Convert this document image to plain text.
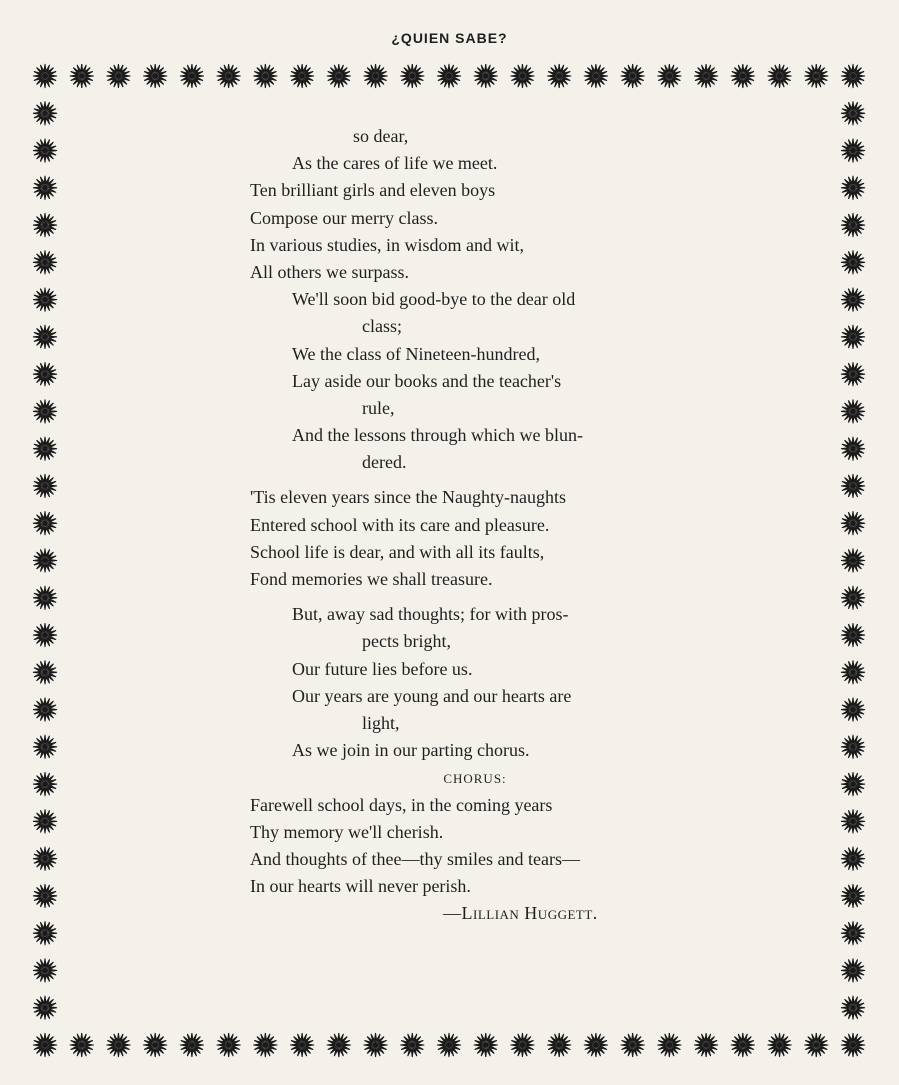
¿QUIEN SABE?
so dear,
As the cares of life we meet.
Ten brilliant girls and eleven boys
Compose our merry class.
In various studies, in wisdom and wit,
All others we surpass.
We'll soon bid good-bye to the dear old
class;
We the class of Nineteen-hundred,
Lay aside our books and the teacher's
rule,
And the lessons through which we blun-
dered.
'Tis eleven years since the Naughty-naughts
Entered school with its care and pleasure.
School life is dear, and with all its faults,
Fond memories we shall treasure.
But, away sad thoughts; for with pros-
pects bright,
Our future lies before us.
Our years are young and our hearts are
light,
As we join in our parting chorus.
CHORUS:
Farewell school days, in the coming years
Thy memory we'll cherish.
And thoughts of thee—thy smiles and tears—
In our hearts will never perish.
—Lillian Huggett.
